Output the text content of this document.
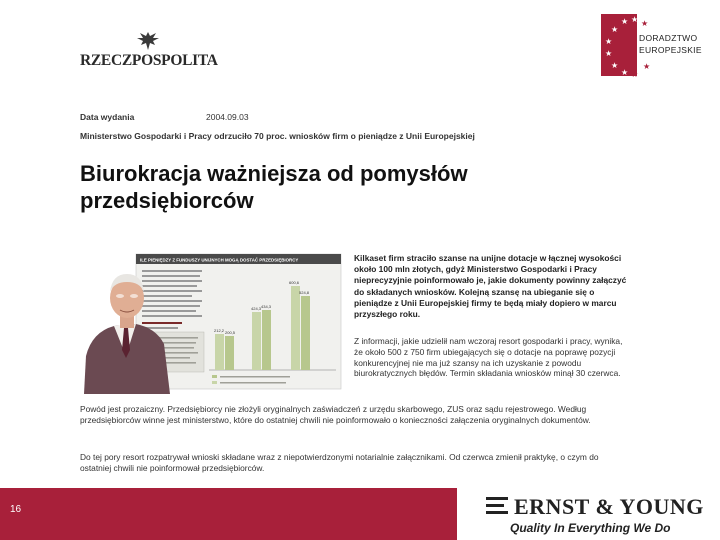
RZECZPOSPOLITA
★ ★
★
★
★
★
★
★
★
★
DORADZTWO
EUROPEJSKIE
Data wydania	2004.09.03
Ministerstwo Gospodarki i Pracy odrzuciło 70 proc. wniosków firm o pieniądze z Unii Europejskiej
Biurokracja ważniejsza od pomysłów przedsiębiorców
ILE PIENIĘDZY Z FUNDUSZY UNIJNYCH MOGĄ DOSTAĆ PRZEDSIĘBIORCY
212,2 200,5
424,3 434,3
600,6
524,8

Kilkaset firm straciło szanse na unijne dotacje w łącznej wysokości około 100 mln złotych, gdyż Ministerstwo Gospodarki i Pracy nieprecyzyjnie poinformowało je, jakie dokumenty powinny załączyć do składanych wniosków. Kolejną szansę na ubieganie się o pieniądze z Unii Europejskiej firmy te będą miały dopiero w marcu przyszłego roku.

Z informacji, jakie udzielił nam wczoraj resort gospodarki i pracy, wynika, że około 500 z 750 firm ubiegających się o dotacje na poprawę pozycji konkurencyjnej nie ma już szansy na ich uzyskanie z powodu biurokratycznych błędów. Termin składania wniosków minął 30 czerwca.

Powód jest prozaiczny. Przedsiębiorcy nie złożyli oryginalnych zaświadczeń z urzędu skarbowego, ZUS oraz sądu rejestrowego. Według przedsiębiorców winne jest ministerstwo, które do ostatniej chwili nie poinformowało o konieczności załączenia oryginalnych dokumentów.

Do tej pory resort rozpatrywał wnioski składane wraz z niepotwierdzonymi notarialnie załącznikami. Od czerwca zmienił praktykę, o czym do ostatniej chwili nie poinformował przedsiębiorców.

16	ERNST & YOUNG
Quality In Everything We Do
